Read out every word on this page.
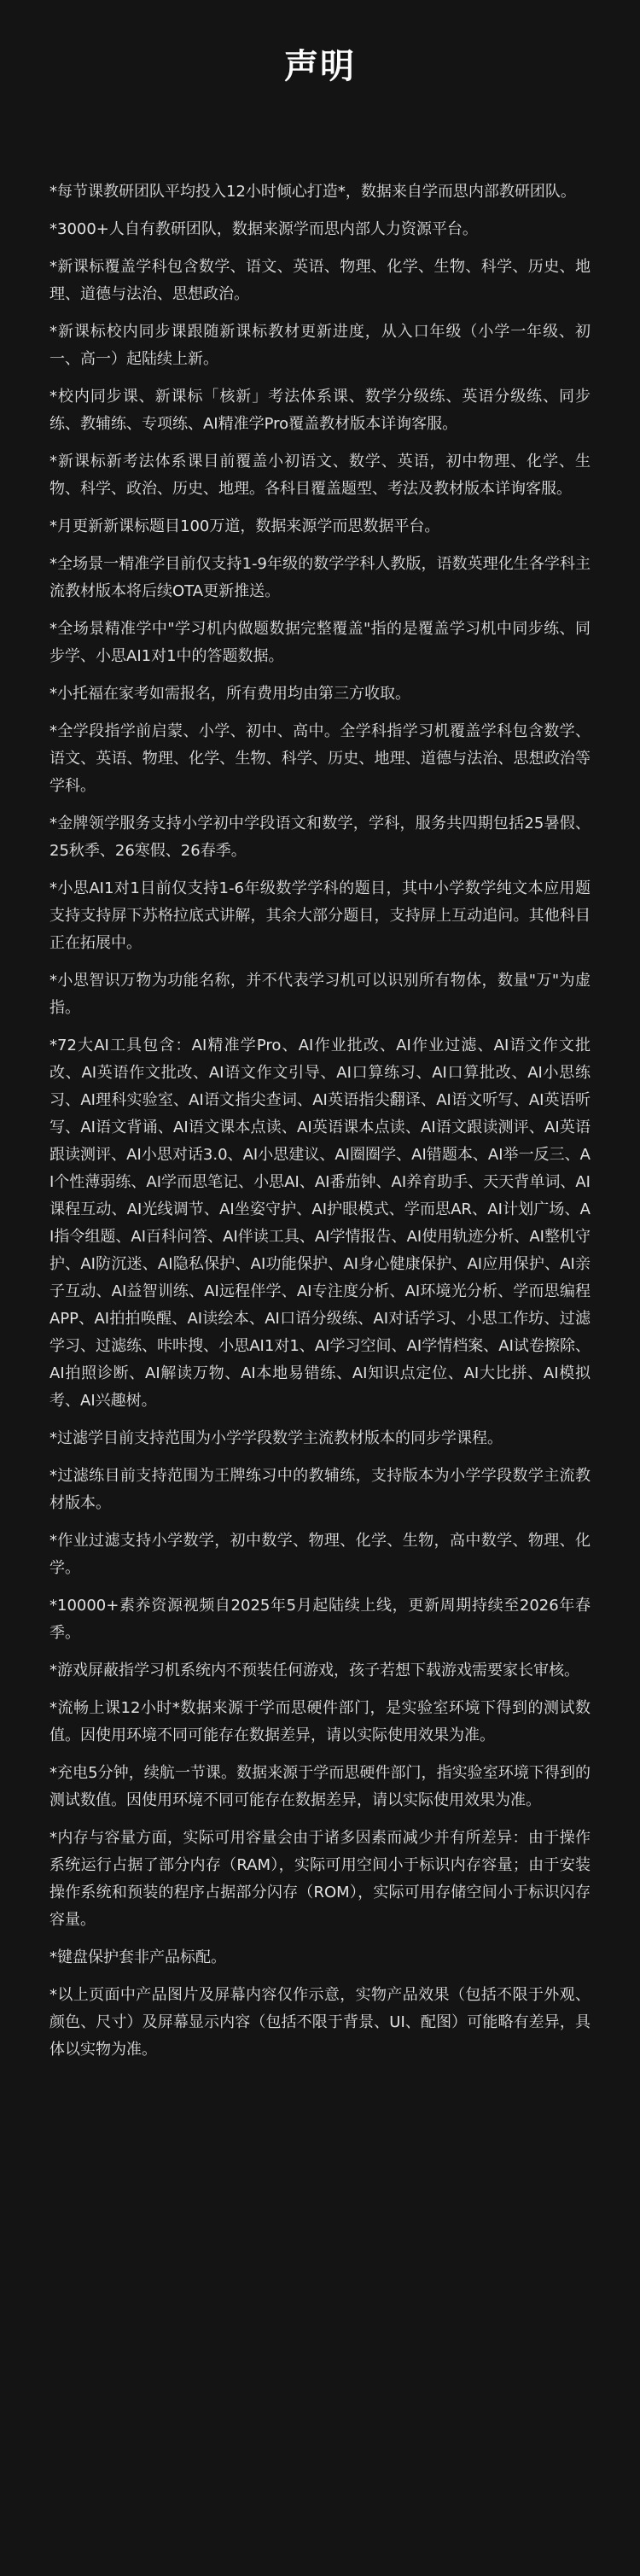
声明

*每节课教研团队平均投入12小时倾心打造*，数据来自学而思内部教研团队。

*3000+人自有教研团队，数据来源学而思内部人力资源平台。

*新课标覆盖学科包含数学、语文、英语、物理、化学、生物、科学、历史、地理、道德与法治、思想政治。

*新课标校内同步课跟随新课标教材更新进度，从入口年级（小学一年级、初一、高一）起陆续上新。

*校内同步课、新课标「核新」考法体系课、数学分级练、英语分级练、同步练、教辅练、专项练、AI精准学Pro覆盖教材版本详询客服。

*新课标新考法体系课目前覆盖小初语文、数学、英语，初中物理、化学、生物、科学、政治、历史、地理。各科目覆盖题型、考法及教材版本详询客服。

*月更新新课标题目100万道，数据来源学而思数据平台。

*全场景一精准学目前仅支持1-9年级的数学学科人教版，语数英理化生各学科主流教材版本将后续OTA更新推送。

*全场景精准学中"学习机内做题数据完整覆盖"指的是覆盖学习机中同步练、同步学、小思AI1对1中的答题数据。

*小托福在家考如需报名，所有费用均由第三方收取。

*全学段指学前启蒙、小学、初中、高中。全学科指学习机覆盖学科包含数学、语文、英语、物理、化学、生物、科学、历史、地理、道德与法治、思想政治等学科。

*金牌领学服务支持小学初中学段语文和数学，学科，服务共四期包括25暑假、25秋季、26寒假、26春季。

*小思AI1对1目前仅支持1-6年级数学学科的题目，其中小学数学纯文本应用题支持支持屏下苏格拉底式讲解，其余大部分题目，支持屏上互动追问。其他科目正在拓展中。

*小思智识万物为功能名称，并不代表学习机可以识别所有物体，数量"万"为虚指。

*72大AI工具包含：AI精准学Pro、AI作业批改、AI作业过滤、AI语文作文批改、AI英语作文批改、AI语文作文引导、AI口算练习、AI口算批改、AI小思练习、AI理科实验室、AI语文指尖查词、AI英语指尖翻译、AI语文听写、AI英语听写、AI语文背诵、AI语文课本点读、AI英语课本点读、AI语文跟读测评、AI英语跟读测评、AI小思对话3.0、AI小思建议、AI圈圈学、AI错题本、AI举一反三、AI个性薄弱练、AI学而思笔记、小思AI、AI番茄钟、AI养育助手、天天背单词、AI课程互动、AI光线调节、AI坐姿守护、AI护眼模式、学而思AR、AI计划广场、AI指令组题、AI百科问答、AI伴读工具、AI学情报告、AI使用轨迹分析、AI整机守护、AI防沉迷、AI隐私保护、AI功能保护、AI身心健康保护、AI应用保护、AI亲子互动、AI益智训练、AI远程伴学、AI专注度分析、AI环境光分析、学而思编程APP、AI拍拍唤醒、AI读绘本、AI口语分级练、AI对话学习、小思工作坊、过滤学习、过滤练、咔咔搜、小思AI1对1、AI学习空间、AI学情档案、AI试卷擦除、AI拍照诊断、AI解读万物、AI本地易错练、AI知识点定位、AI大比拼、AI模拟考、AI兴趣树。

*过滤学目前支持范围为小学学段数学主流教材版本的同步学课程。

*过滤练目前支持范围为王牌练习中的教辅练，支持版本为小学学段数学主流教材版本。

*作业过滤支持小学数学，初中数学、物理、化学、生物，高中数学、物理、化学。

*10000+素养资源视频自2025年5月起陆续上线，更新周期持续至2026年春季。

*游戏屏蔽指学习机系统内不预装任何游戏，孩子若想下载游戏需要家长审核。

*流畅上课12小时*数据来源于学而思硬件部门，是实验室环境下得到的测试数值。因使用环境不同可能存在数据差异，请以实际使用效果为准。

*充电5分钟，续航一节课。数据来源于学而思硬件部门，指实验室环境下得到的测试数值。因使用环境不同可能存在数据差异，请以实际使用效果为准。

*内存与容量方面，实际可用容量会由于诸多因素而减少并有所差异：由于操作系统运行占据了部分内存（RAM），实际可用空间小于标识内存容量；由于安装操作系统和预装的程序占据部分闪存（ROM），实际可用存储空间小于标识闪存容量。

*键盘保护套非产品标配。

*以上页面中产品图片及屏幕内容仅作示意，实物产品效果（包括不限于外观、颜色、尺寸）及屏幕显示内容（包括不限于背景、UI、配图）可能略有差异，具体以实物为准。
